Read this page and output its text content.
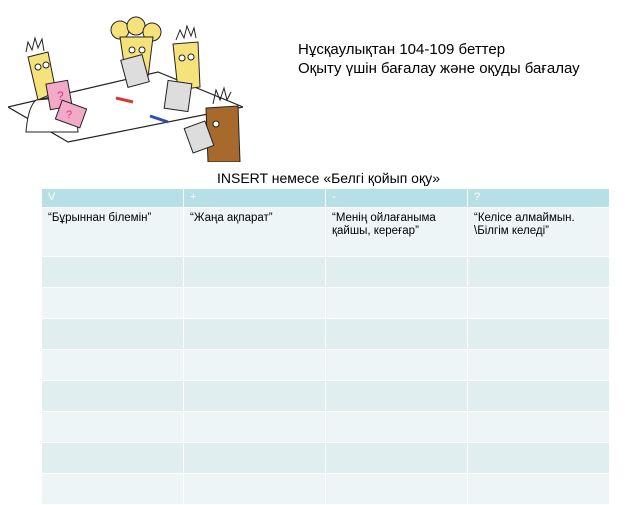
?
?
Нұсқаулықтан 104-109 беттер
Оқыту үшін бағалау және оқуды бағалау
INSERT немесе «Белгі қойып оқу»
V	+	-	?
“Бұрыннан білемін”	“Жаңа ақпарат”	“Менің ойлағаныма қайшы, кереғар”	“Келісе алмаймын. \Білгім келеді”
